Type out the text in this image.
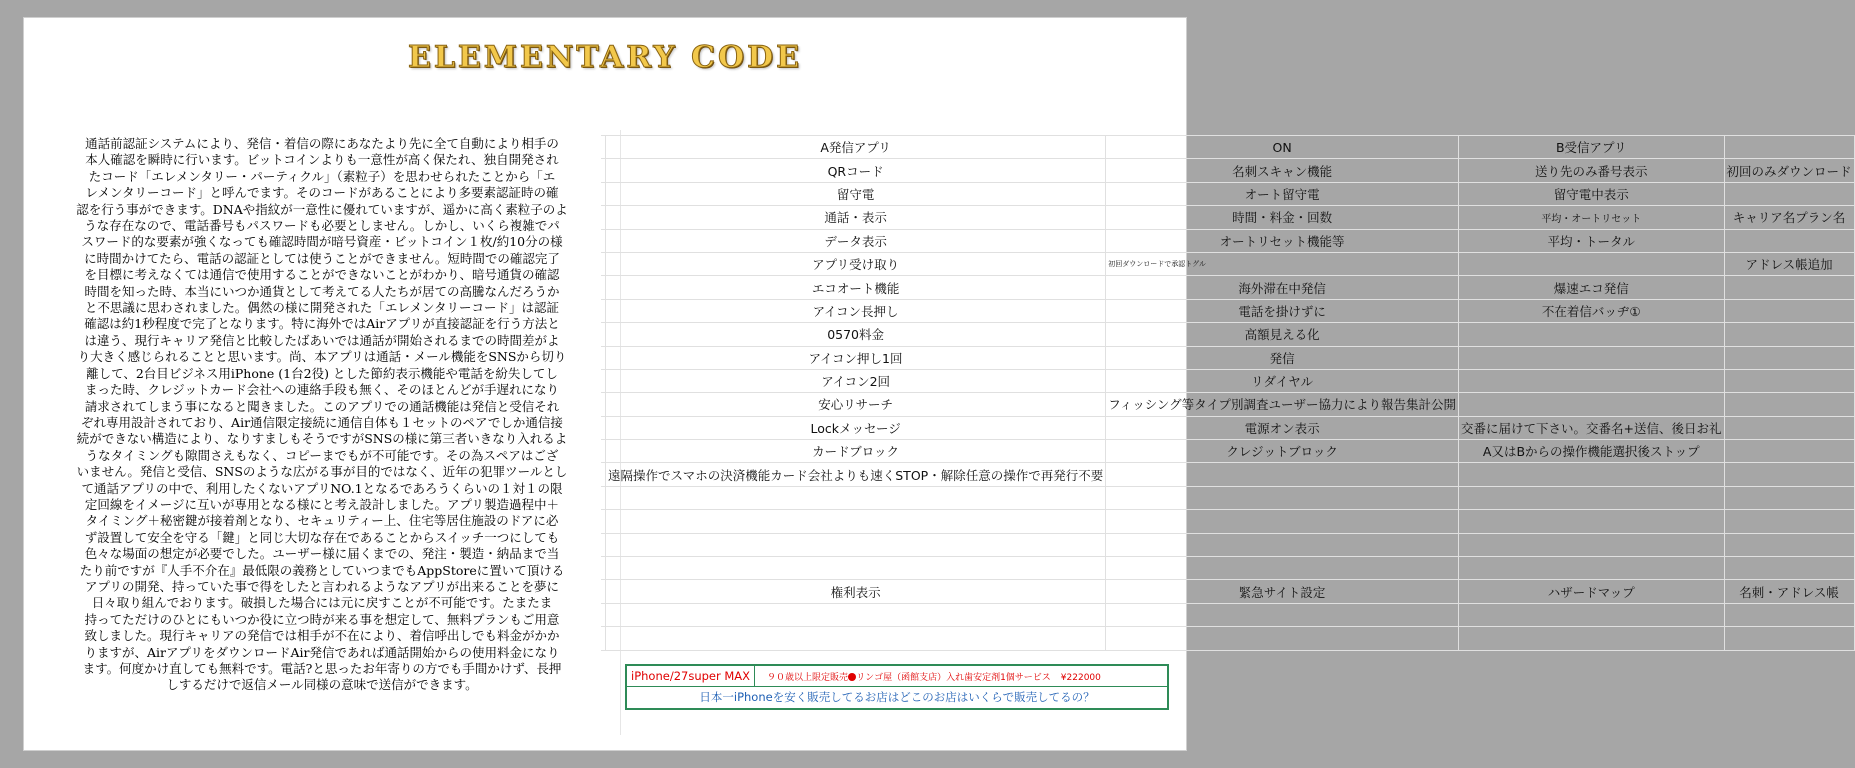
ELEMENTARY CODE

通話前認証システムにより、発信・着信の際にあなたより先に全て自動により相手の

本人確認を瞬時に行います。ビットコインよりも一意性が高く保たれ、独自開発され

たコード「エレメンタリー・パーティクル」（素粒子）を思わせられたことから「エ

レメンタリーコード」と呼んでます。そのコードがあることにより多要素認証時の確

認を行う事ができます。DNAや指紋が一意性に優れていますが、遥かに高く素粒子のよ

うな存在なので、電話番号もパスワードも必要としません。しかし、いくら複雑でパ

スワード的な要素が強くなっても確認時間が暗号資産・ビットコイン１枚/約10分の様

に時間かけてたら、電話の認証としては使うことができません。短時間での確認完了

を目標に考えなくては通信で使用することができないことがわかり、暗号通貨の確認

時間を知った時、本当にいつか通貨として考えてる人たちが居ての高騰なんだろうか

と不思議に思わされました。偶然の様に開発された「エレメンタリーコード」は認証

確認は約1秒程度で完了となります。特に海外ではAirアプリが直接認証を行う方法と

は違う、現行キャリア発信と比較したばあいでは通話が開始されるまでの時間差がよ

り大きく感じられることと思います。尚、本アプリは通話・メール機能をSNSから切り

離して、2台目ビジネス用iPhone (1台2役) とした節約表示機能や電話を紛失してし

まった時、クレジットカード会社への連絡手段も無く、そのほとんどが手遅れになり

請求されてしまう事になると聞きました。このアプリでの通話機能は発信と受信それ

ぞれ専用設計されており、Air通信限定接続に通信自体も１セットのペアでしか通信接

続ができない構造により、なりすましもそうですがSNSの様に第三者いきなり入れるよ

うなタイミングも隙間さえもなく、コピーまでもが不可能です。その為スペアはござ

いません。発信と受信、SNSのような広がる事が目的ではなく、近年の犯罪ツールとし

て通話アプリの中で、利用したくないアプリNO.1となるであろうくらいの１対１の限

定回線をイメージに互いが専用となる様にと考え設計しました。アプリ製造過程中＋

タイミング＋秘密鍵が接着剤となり、セキュリティー上、住宅等居住施設のドアに必

ず設置して安全を守る「鍵」と同じ大切な存在であることからスイッチ一つにしても

色々な場面の想定が必要でした。ユーザー様に届くまでの、発注・製造・納品まで当

たり前ですが『人手不介在』最低限の義務としていつまでもAppStoreに置いて頂ける

アプリの開発、持っていた事で得をしたと言われるようなアプリが出来ることを夢に

日々取り組んでおります。破損した場合には元に戻すことが不可能です。たまたま

持ってただけのひとにもいつか役に立つ時が来る事を想定して、無料プランもご用意

致しました。現行キャリアの発信では相手が不在により、着信呼出しでも料金がかか

りますが、AirアプリをダウンロードAir発信であれば通話開始からの使用料金になり

ます。何度かけ直しても無料です。電話?と思ったお年寄りの方でも手間かけず、長押

しするだけで返信メール同様の意味で送信ができます。

	A発信アプリ	ON	B受信アプリ	
	QRコード	名刺スキャン機能	送り先のみ番号表示	初回のみダウンロード
	留守電	オート留守電	留守電中表示	
	通話・表示	時間・料金・回数	平均・オートリセット	キャリア名プラン名
	データ表示	オートリセット機能等	平均・トータル	
	アプリ受け取り	初回ダウンロードで承認トグル		アドレス帳追加
	エコオート機能	海外滞在中発信	爆速エコ発信	
	アイコン長押し	電話を掛けずに	不在着信バッヂ①	
	0570料金	高額見える化		
	アイコン押し1回	発信		
	アイコン2回	リダイヤル		
	安心リサーチ	フィッシング等タイプ別調査ユーザー協力により報告集計公開		
	Lockメッセージ	電源オン表示	交番に届けて下さい。交番名+送信、後日お礼	
	カードブロック	クレジットブロック	A又はBからの操作機能選択後ストップ	
	遠隔操作でスマホの決済機能カード会社よりも速くSTOP・解除任意の操作で再発行不要			

	権利表示	緊急サイト設定	ハザードマップ	名刺・アドレス帳

iPhone/27super MAX ９０歳以上限定販売 リンゴ屋（函館支店）入れ歯安定剤1個サービス ¥222000
日本一iPhoneを安く販売してるお店はどこのお店はいくらで販売してるの？
